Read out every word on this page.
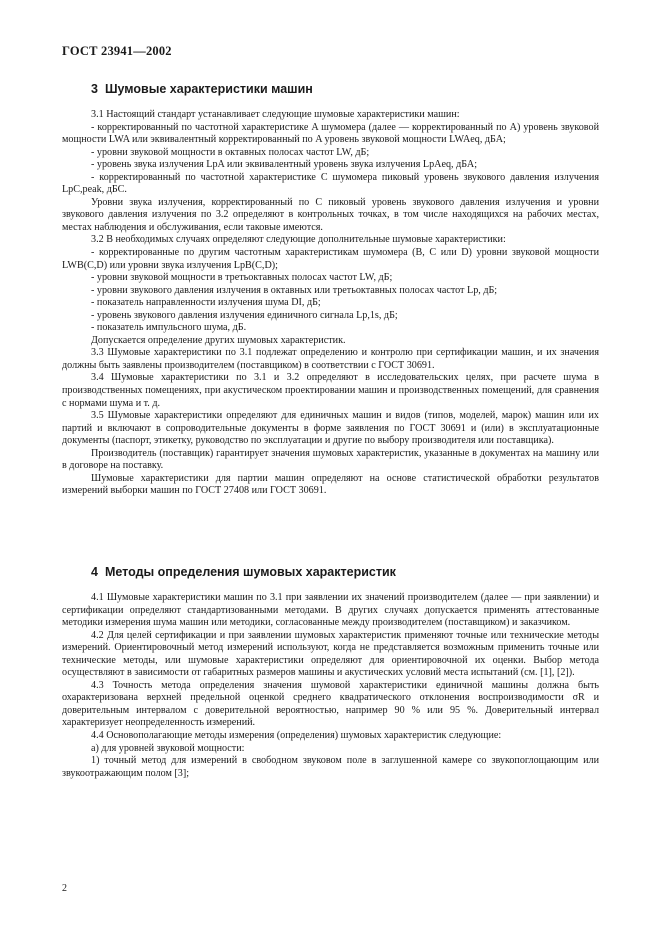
ГОСТ 23941—2002
3 Шумовые характеристики машин

3.1 Настоящий стандарт устанавливает следующие шумовые характеристики машин:

- корректированный по частотной характеристике A шумомера (далее — корректированный по A) уровень звуковой мощности LWA или эквивалентный корректированный по A уровень звуковой мощности LWAeq, дБА;

- уровни звуковой мощности в октавных полосах частот LW, дБ;

- уровень звука излучения LpA или эквивалентный уровень звука излучения LpAeq, дБА;

- корректированный по частотной характеристике C шумомера пиковый уровень звукового давления излучения LpC,peak, дБС.

Уровни звука излучения, корректированный по C пиковый уровень звукового давления излучения и уровни звукового давления излучения по 3.2 определяют в контрольных точках, в том числе находящихся на рабочих местах, местах наблюдения и обслуживания, если таковые имеются.

3.2 В необходимых случаях определяют следующие дополнительные шумовые характеристики:

- корректированные по другим частотным характеристикам шумомера (B, C или D) уровни звуковой мощности LWB(C,D) или уровни звука излучения LpB(C,D);

- уровни звуковой мощности в третьоктавных полосах частот LW, дБ;

- уровни звукового давления излучения в октавных или третьоктавных полосах частот Lp, дБ;

- показатель направленности излучения шума DI, дБ;

- уровень звукового давления излучения единичного сигнала Lp,1s, дБ;

- показатель импульсного шума, дБ.

Допускается определение других шумовых характеристик.

3.3 Шумовые характеристики по 3.1 подлежат определению и контролю при сертификации машин, и их значения должны быть заявлены производителем (поставщиком) в соответствии с ГОСТ 30691.

3.4 Шумовые характеристики по 3.1 и 3.2 определяют в исследовательских целях, при расчете шума в производственных помещениях, при акустическом проектировании машин и производственных помещений, для сравнения с нормами шума и т. д.

3.5 Шумовые характеристики определяют для единичных машин и видов (типов, моделей, марок) машин или их партий и включают в сопроводительные документы в форме заявления по ГОСТ 30691 и (или) в эксплуатационные документы (паспорт, этикетку, руководство по эксплуатации и другие по выбору производителя или поставщика).

Производитель (поставщик) гарантирует значения шумовых характеристик, указанные в документах на машину или в договоре на поставку.

Шумовые характеристики для партии машин определяют на основе статистической обработки результатов измерений выборки машин по ГОСТ 27408 или ГОСТ 30691.

4 Методы определения шумовых характеристик

4.1 Шумовые характеристики машин по 3.1 при заявлении их значений производителем (далее — при заявлении) и сертификации определяют стандартизованными методами. В других случаях допускается применять аттестованные методики измерения шума машин или методики, согласованные между производителем (поставщиком) и заказчиком.

4.2 Для целей сертификации и при заявлении шумовых характеристик применяют точные или технические методы измерений. Ориентировочный метод измерений используют, когда не представляется возможным применить точные или технические методы, или шумовые характеристики определяют для ориентировочной их оценки. Выбор метода осуществляют в зависимости от габаритных размеров машины и акустических условий места испытаний (см. [1], [2]).

4.3 Точность метода определения значения шумовой характеристики единичной машины должна быть охарактеризована верхней предельной оценкой среднего квадратического отклонения воспроизводимости σR и доверительным интервалом с доверительной вероятностью, например 90 % или 95 %. Доверительный интервал характеризует неопределенность измерений.

4.4 Основополагающие методы измерения (определения) шумовых характеристик следующие:

а) для уровней звуковой мощности:

1) точный метод для измерений в свободном звуковом поле в заглушенной камере со звукопоглощающим или звукоотражающим полом [3];

2
